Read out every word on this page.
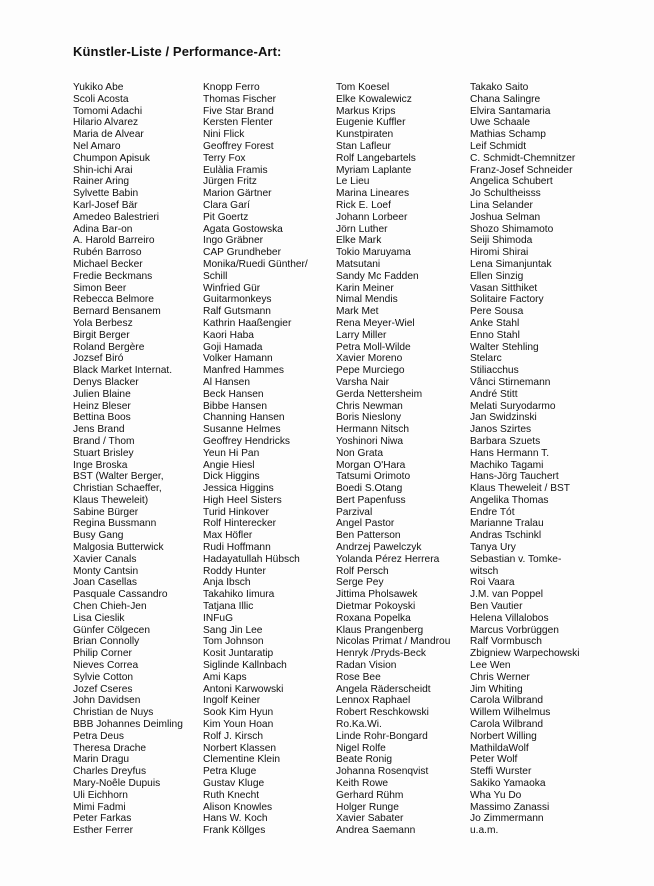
Künstler-Liste / Performance-Art:
Yukiko Abe
Scoli Acosta
Tomomi Adachi
Hilario Alvarez
Maria de Alvear
Nel Amaro
Chumpon Apisuk
Shin-ichi Arai
Rainer Aring
Sylvette Babin
Karl-Josef Bär
Amedeo Balestrieri
Adina Bar-on
A. Harold Barreiro
Rubén Barroso
Michael Becker
Fredie Beckmans
Simon Beer
Rebecca Belmore
Bernard Bensanem
Yola Berbesz
Birgit Berger
Roland Bergère
Jozsef Biró
Black Market Internat.
Denys Blacker
Julien Blaine
Heinz Bleser
Bettina Boos
Jens Brand
Brand / Thom
Stuart Brisley
Inge Broska
BST (Walter Berger,
Christian Schaeffer,
Klaus Theweleit)
Sabine Bürger
Regina Bussmann
Busy Gang
Malgosia Butterwick
Xavier Canals
Monty Cantsin
Joan Casellas
Pasquale Cassandro
Chen Chieh-Jen
Lisa Cieslik
Günfer Cölgecen
Brian Connolly
Philip Corner
Nieves Correa
Sylvie Cotton
Jozef Cseres
John Davidsen
Christian de Nuys
BBB Johannes Deimling
Petra Deus
Theresa Drache
Marin Dragu
Charles Dreyfus
Mary-Noêle Dupuis
Uli Eichhorn
Mimi Fadmi
Peter Farkas
Esther Ferrer
Knopp Ferro
Thomas Fischer
Five Star Brand
Kersten Flenter
Nini Flick
Geoffrey Forest
Terry Fox
Eulàlia Framis
Jürgen Fritz
Marion Gärtner
Clara Garí
Pit Goertz
Agata Gostowska
Ingo Gräbner
CAP Grundheber
Monika/Ruedi Günther/
Schill
Winfried Gür
Guitarmonkeys
Ralf Gutsmann
Kathrin Haaßengier
Kaori Haba
Goji Hamada
Volker Hamann
Manfred Hammes
Al Hansen
Beck Hansen
Bibbe Hansen
Channing Hansen
Susanne Helmes
Geoffrey Hendricks
Yeun Hi Pan
Angie Hiesl
Dick Higgins
Jessica Higgins
High Heel Sisters
Turid Hinkover
Rolf Hinterecker
Max Höfler
Rudi Hoffmann
Hadayatullah Hübsch
Roddy Hunter
Anja Ibsch
Takahiko Iimura
Tatjana Illic
INFuG
Sang Jin Lee
Tom Johnson
Kosit Juntaratip
Siglinde Kallnbach
Ami Kaps
Antoni Karwowski
Ingolf Keiner
Sook Kim Hyun
Kim Youn Hoan
Rolf J. Kirsch
Norbert Klassen
Clementine Klein
Petra Kluge
Gustav Kluge
Ruth Knecht
Alison Knowles
Hans W. Koch
Frank Köllges
Tom Koesel
Elke Kowalewicz
Markus Krips
Eugenie Kuffler
Kunstpiraten
Stan Lafleur
Rolf Langebartels
Myriam Laplante
Le Lieu
Marina Lineares
Rick E. Loef
Johann Lorbeer
Jörn Luther
Elke Mark
Tokio Maruyama
Matsutani
Sandy Mc Fadden
Karin Meiner
Nimal Mendis
Mark Met
Rena Meyer-Wiel
Larry Miller
Petra Moll-Wilde
Xavier Moreno
Pepe Murciego
Varsha Nair
Gerda Nettersheim
Chris Newman
Boris Nieslony
Hermann Nitsch
Yoshinori Niwa
Non Grata
Morgan O'Hara
Tatsumi Orimoto
Boedi S.Otang
Bert Papenfuss
Parzival
Angel Pastor
Ben Patterson
Andrzej Pawelczyk
Yolanda Pérez Herrera
Rolf Persch
Serge Pey
Jittima Pholsawek
Dietmar Pokoyski
Roxana Popelka
Klaus Prangenberg
Nicolas Primat / Mandrou
Henryk /Pryds-Beck
Radan Vision
Rose Bee
Angela Räderscheidt
Lennox Raphael
Robert Reschkowski
Ro.Ka.Wi.
Linde Rohr-Bongard
Nigel Rolfe
Beate Ronig
Johanna Rosenqvist
Keith Rowe
Gerhard Rühm
Holger Runge
Xavier Sabater
Andrea Saemann
Takako Saito
Chana Salingre
Elvira Santamaria
Uwe Schaale
Mathias Schamp
Leif Schmidt
C. Schmidt-Chemnitzer
Franz-Josef Schneider
Angelica Schubert
Jo Schultheisss
Lina Selander
Joshua Selman
Shozo Shimamoto
Seiji Shimoda
Hiromi Shirai
Lena Simanjuntak
Ellen Sinzig
Vasan Sitthiket
Solitaire Factory
Pere Sousa
Anke Stahl
Enno Stahl
Walter Stehling
Stelarc
Stiliacchus
Vânci Stirnemann
André Stitt
Melati Suryodarmo
Jan Swidzinski
Janos Szirtes
Barbara Szuets
Hans Hermann T.
Machiko Tagami
Hans-Jörg Tauchert
Klaus Theweleit / BST
Angelika Thomas
Endre Tót
Marianne Tralau
Andras Tschinkl
Tanya Ury
Sebastian v. Tomke-
witsch
Roi Vaara
J.M. van Poppel
Ben Vautier
Helena Villalobos
Marcus Vorbrüggen
Ralf Vormbusch
Zbigniew Warpechowski
Lee Wen
Chris Werner
Jim Whiting
Carola Wilbrand
Willem Wilhelmus
Carola Wilbrand
Norbert Willing
MathildaWolf
Peter Wolf
Steffi Wurster
Sakiko Yamaoka
Wha Yu Do
Massimo Zanassi
Jo Zimmermann
u.a.m.
